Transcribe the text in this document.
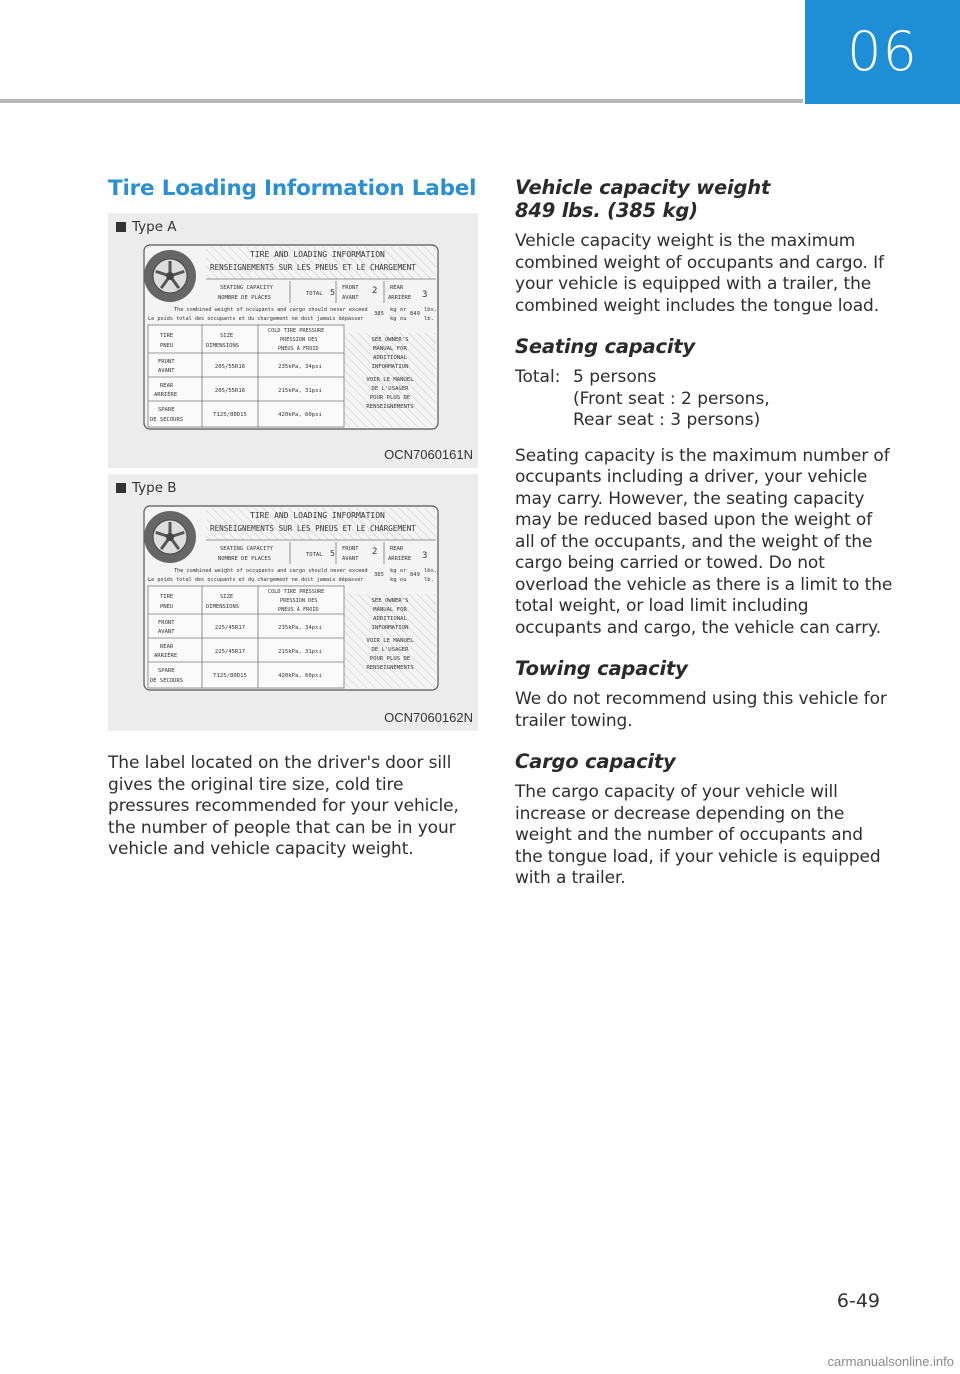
06
Tire Loading Information Label
Type A
TIRE AND LOADING INFORMATION
RENSEIGNEMENTS SUR LES PNEUS ET LE CHARGEMENT
SEATING CAPACITY
NOMBRE DE PLACES
TOTAL 5 FRONT
AVANT
2 REAR
ARRIÈRE 3
The combined weight of occupants and cargo should never exceed
Le poids total des occupants et du chargement ne doit jamais dépasser
385
kg or
kg ou
849
lbs.
lb.
TIRE
PNEU
SIZE
DIMENSIONS
COLD TIRE PRESSURE
PRESSION DES
PNEUS À FROID
FRONT
AVANT
205/55R16	235kPa, 34psi
REAR
ARRIÈRE
205/55R16	215kPa, 31psi
SPARE
DE SECOURS
T125/80D15	420kPa, 60psi
SEE OWNER'S
MANUAL FOR
ADDITIONAL
INFORMATION
VOIR LE MANUEL
DE L'USAGER
POUR PLUS DE
RENSEIGNEMENTS
OCN7060161N
Type B
TIRE AND LOADING INFORMATION
RENSEIGNEMENTS SUR LES PNEUS ET LE CHARGEMENT
SEATING CAPACITY
NOMBRE DE PLACES
TOTAL 5 FRONT
AVANT
2 REAR
ARRIÈRE 3
The combined weight of occupants and cargo should never exceed
Le poids total des occupants et du chargement ne doit jamais dépasser
385
kg or
kg ou
849
lbs.
lb.
TIRE
PNEU
SIZE
DIMENSIONS
COLD TIRE PRESSURE
PRESSION DES
PNEUS À FROID
FRONT
AVANT
225/45R17	235kPa, 34psi
REAR
ARRIÈRE
225/45R17	215kPa, 31psi
SPARE
DE SECOURS
T125/80D15	420kPa, 60psi
SEE OWNER'S
MANUAL FOR
ADDITIONAL
INFORMATION
VOIR LE MANUEL
DE L'USAGER
POUR PLUS DE
RENSEIGNEMENTS
OCN7060162N

The label located on the driver's door sill gives the original tire size, cold tire pressures recommended for your vehicle, the number of people that can be in your vehicle and vehicle capacity weight.

Vehicle capacity weight
849 lbs. (385 kg)

Vehicle capacity weight is the maximum combined weight of occupants and cargo. If your vehicle is equipped with a trailer, the combined weight includes the tongue load.

Seating capacity
Total: 5 persons
(Front seat : 2 persons,
Rear seat : 3 persons)

Seating capacity is the maximum number of occupants including a driver, your vehicle may carry. However, the seating capacity may be reduced based upon the weight of all of the occupants, and the weight of the cargo being carried or towed. Do not overload the vehicle as there is a limit to the total weight, or load limit including occupants and cargo, the vehicle can carry.

Towing capacity

We do not recommend using this vehicle for trailer towing.

Cargo capacity

The cargo capacity of your vehicle will increase or decrease depending on the weight and the number of occupants and the tongue load, if your vehicle is equipped with a trailer.

6-49
carmanualsonline.info
